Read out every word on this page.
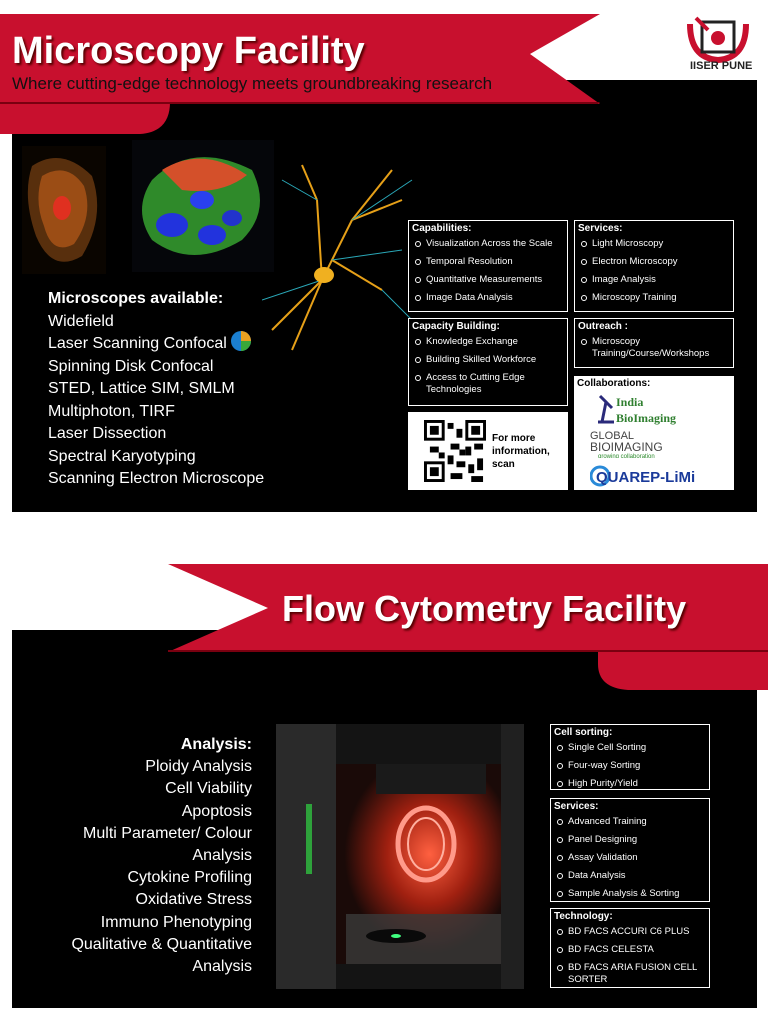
Microscopy Facility
Where cutting-edge technology meets groundbreaking research
IISER PUNE
Microscopes available:
Widefield
Laser Scanning Confocal
Spinning Disk Confocal
STED, Lattice SIM, SMLM
Multiphoton, TIRF
Laser Dissection
Spectral Karyotyping
Scanning Electron Microscope
Capabilities:
Visualization Across the Scale
Temporal Resolution
Quantitative Measurements
Image Data Analysis
Services:
Light Microscopy
Electron Microscopy
Image Analysis
Microscopy Training
Capacity Building:
Knowledge Exchange
Building Skilled Workforce
Access to Cutting Edge Technologies
Outreach :
Microscopy Training/Course/Workshops
For more information, scan
Collaborations:
India
BioImaging
GLOBAL
BIOIMAGING
growing collaboration
QUAREP-LiMi
Flow Cytometry Facility
Analysis:
Ploidy Analysis
Cell Viability
Apoptosis
Multi Parameter/ Colour
Analysis
Cytokine Profiling
Oxidative Stress
Immuno Phenotyping
Qualitative & Quantitative
Analysis
Cell sorting:
Single Cell Sorting
Four-way Sorting
High Purity/Yield
Services:
Advanced Training
Panel Designing
Assay Validation
Data Analysis
Sample Analysis & Sorting
Technology:
BD FACS ACCURI C6 PLUS
BD FACS CELESTA
BD FACS ARIA FUSION CELL SORTER
